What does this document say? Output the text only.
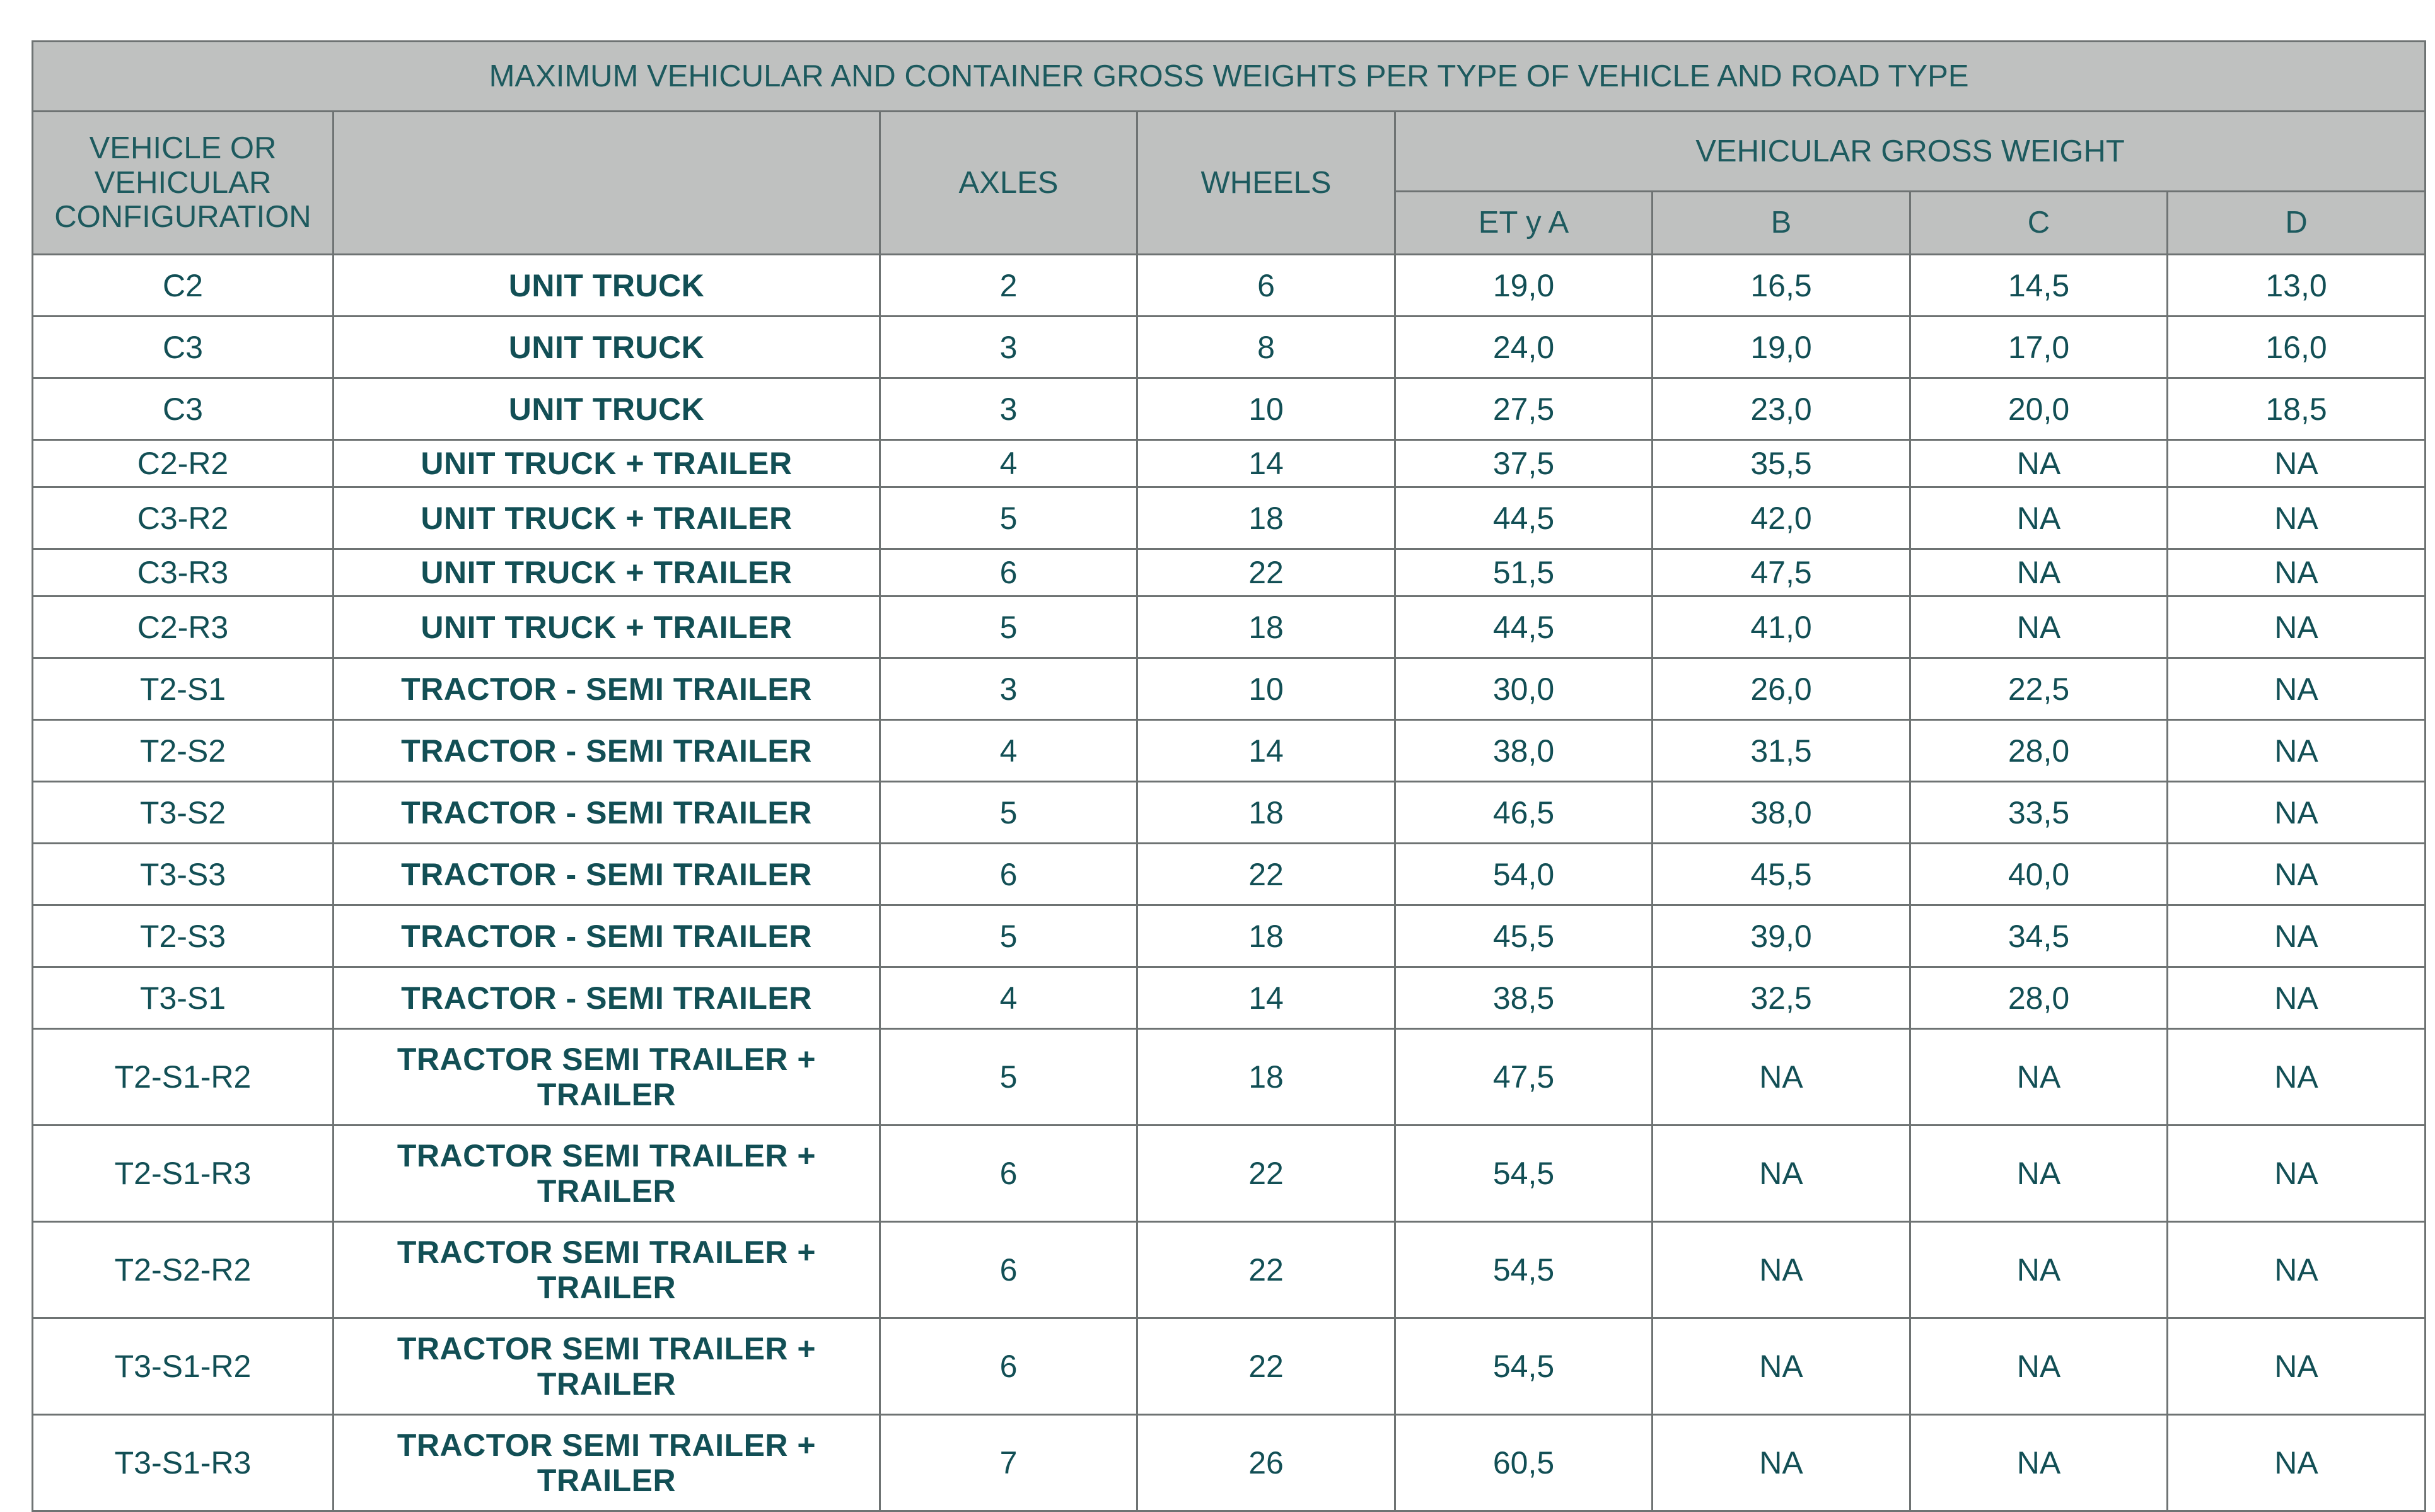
MAXIMUM VEHICULAR AND CONTAINER GROSS WEIGHTS PER TYPE OF VEHICLE AND ROAD TYPE							
VEHICLE OR VEHICULAR CONFIGURATION		AXLES	WHEELS	VEHICULAR GROSS WEIGHT			
				ET y A	B	C	D
C2	UNIT TRUCK	2	6	19,0	16,5	14,5	13,0
C3	UNIT TRUCK	3	8	24,0	19,0	17,0	16,0
C3	UNIT TRUCK	3	10	27,5	23,0	20,0	18,5
C2-R2	UNIT TRUCK + TRAILER	4	14	37,5	35,5	NA	NA
C3-R2	UNIT TRUCK + TRAILER	5	18	44,5	42,0	NA	NA
C3-R3	UNIT TRUCK + TRAILER	6	22	51,5	47,5	NA	NA
C2-R3	UNIT TRUCK + TRAILER	5	18	44,5	41,0	NA	NA
T2-S1	TRACTOR - SEMI TRAILER	3	10	30,0	26,0	22,5	NA
T2-S2	TRACTOR - SEMI TRAILER	4	14	38,0	31,5	28,0	NA
T3-S2	TRACTOR - SEMI TRAILER	5	18	46,5	38,0	33,5	NA
T3-S3	TRACTOR - SEMI TRAILER	6	22	54,0	45,5	40,0	NA
T2-S3	TRACTOR - SEMI TRAILER	5	18	45,5	39,0	34,5	NA
T3-S1	TRACTOR - SEMI TRAILER	4	14	38,5	32,5	28,0	NA
T2-S1-R2	TRACTOR SEMI TRAILER + TRAILER	5	18	47,5	NA	NA	NA
T2-S1-R3	TRACTOR SEMI TRAILER + TRAILER	6	22	54,5	NA	NA	NA
T2-S2-R2	TRACTOR SEMI TRAILER + TRAILER	6	22	54,5	NA	NA	NA
T3-S1-R2	TRACTOR SEMI TRAILER + TRAILER	6	22	54,5	NA	NA	NA
T3-S1-R3	TRACTOR SEMI TRAILER + TRAILER	7	26	60,5	NA	NA	NA
